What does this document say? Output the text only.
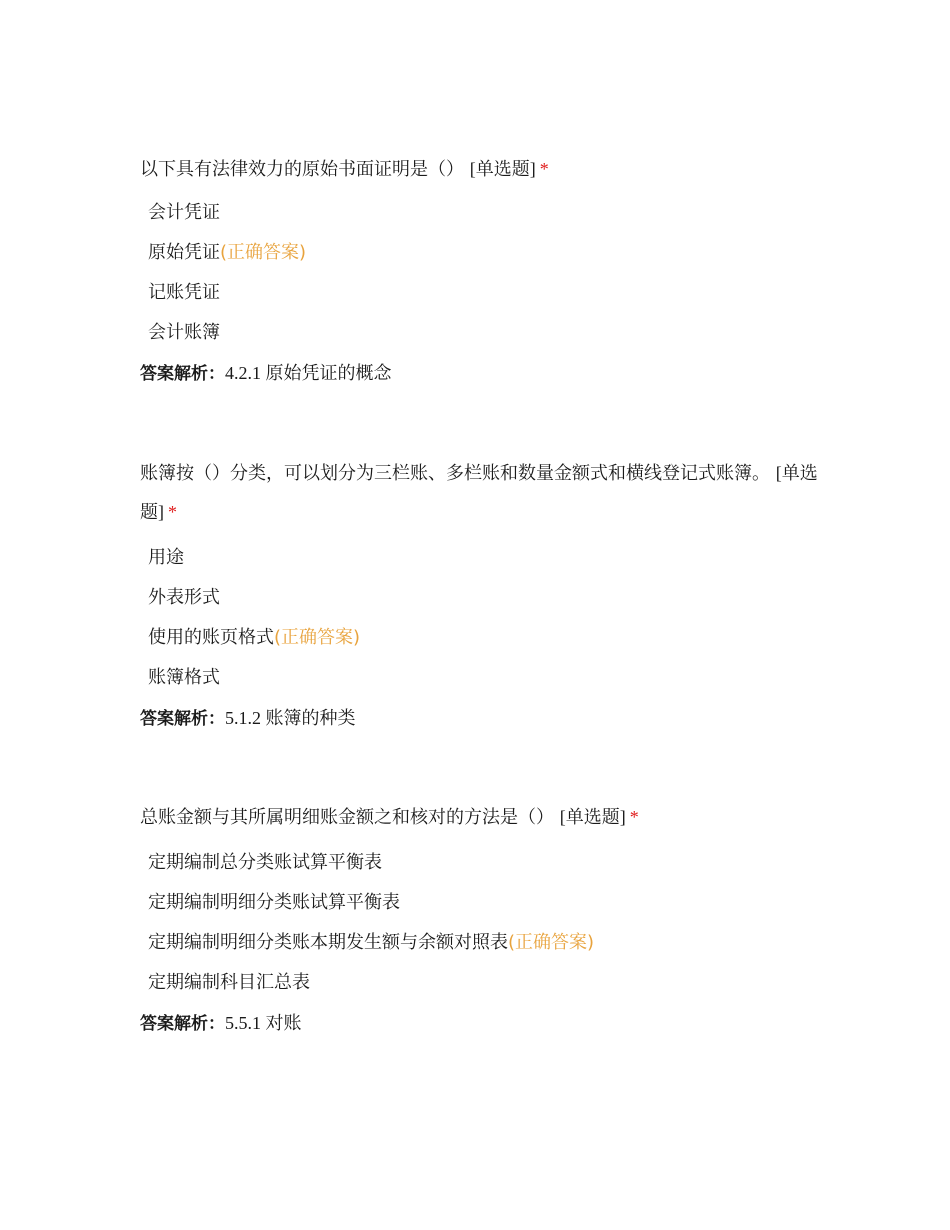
以下具有法律效力的原始书面证明是（） [单选题] *

会计凭证
原始凭证(正确答案)
记账凭证
会计账簿
答案解析：4.2.1 原始凭证的概念

账簿按（）分类，可以划分为三栏账、多栏账和数量金额式和横线登记式账簿。 [单选题] *

用途
外表形式
使用的账页格式(正确答案)
账簿格式
答案解析：5.1.2 账簿的种类

总账金额与其所属明细账金额之和核对的方法是（） [单选题] *

定期编制总分类账试算平衡表
定期编制明细分类账试算平衡表
定期编制明细分类账本期发生额与余额对照表(正确答案)
定期编制科目汇总表
答案解析：5.5.1 对账
